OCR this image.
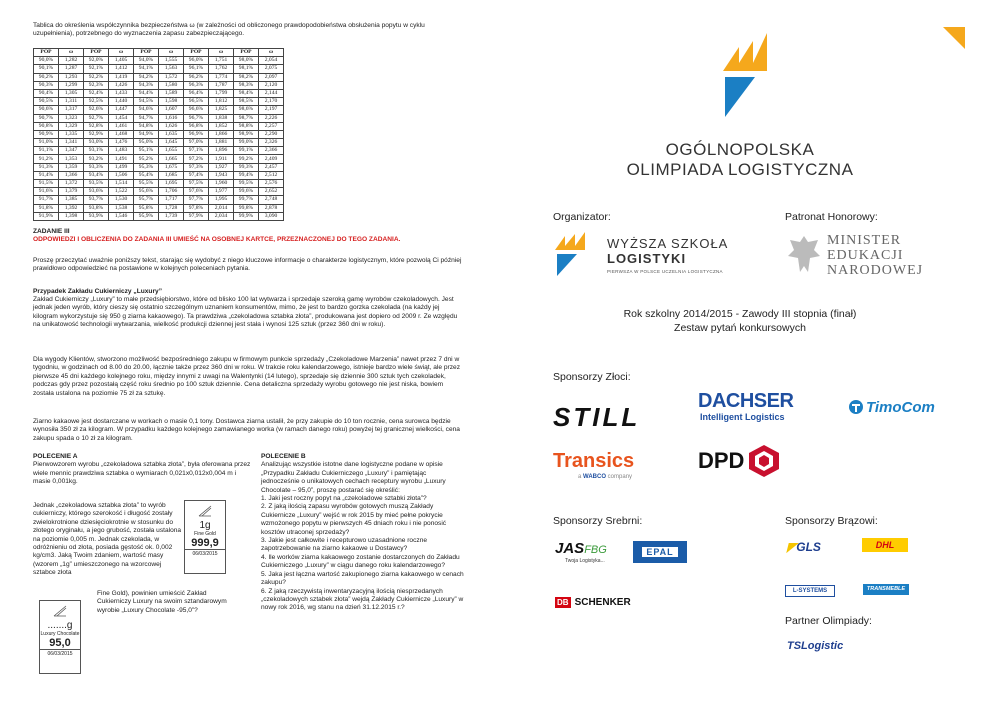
Tablica do określenia współczynnika bezpieczeństwa ω (w zależności od obliczonego prawdopodobieństwa obsłużenia popytu w cyklu uzupełnienia), potrzebnego do wyznaczenia zapasu zabezpieczającego.

POP	ω	POP	ω	POP	ω	POP	ω	POP	ω
90,0%	1,282	92,0%	1,405	94,0%	1,555	96,0%	1,751	98,0%	2,054
90,1%	1,287	92,1%	1,412	94,1%	1,563	96,1%	1,762	98,1%	2,075
90,2%	1,293	92,2%	1,419	94,2%	1,572	96,2%	1,774	98,2%	2,097
90,3%	1,299	92,3%	1,426	94,3%	1,580	96,3%	1,787	98,3%	2,120
90,4%	1,305	92,4%	1,433	94,4%	1,589	96,4%	1,799	98,4%	2,144
90,5%	1,311	92,5%	1,440	94,5%	1,598	96,5%	1,812	98,5%	2,170
90,6%	1,317	92,6%	1,447	94,6%	1,607	96,6%	1,825	98,6%	2,197
90,7%	1,323	92,7%	1,454	94,7%	1,616	96,7%	1,838	98,7%	2,226
90,8%	1,329	92,8%	1,461	94,8%	1,626	96,8%	1,852	98,8%	2,257
90,9%	1,335	92,9%	1,468	94,9%	1,635	96,9%	1,866	98,9%	2,290
91,0%	1,341	93,0%	1,476	95,0%	1,645	97,0%	1,881	99,0%	2,326
91,1%	1,347	93,1%	1,483	95,1%	1,655	97,1%	1,896	99,1%	2,366
91,2%	1,353	93,2%	1,491	95,2%	1,665	97,2%	1,911	99,2%	2,409
91,3%	1,359	93,3%	1,499	95,3%	1,675	97,3%	1,927	99,3%	2,457
91,4%	1,366	93,4%	1,506	95,4%	1,685	97,4%	1,943	99,4%	2,512
91,5%	1,372	93,5%	1,514	95,5%	1,695	97,5%	1,960	99,5%	2,576
91,6%	1,379	93,6%	1,522	95,6%	1,706	97,6%	1,977	99,6%	2,652
91,7%	1,385	93,7%	1,530	95,7%	1,717	97,7%	1,995	99,7%	2,748
91,8%	1,392	93,8%	1,538	95,8%	1,728	97,8%	2,014	99,8%	2,878
91,9%	1,398	93,9%	1,546	95,9%	1,739	97,9%	2,034	99,9%	3,090

ZADANIE III

ODPOWIEDZI I OBLICZENIA DO ZADANIA III UMIEŚĆ NA OSOBNEJ KARTCE, PRZEZNACZONEJ DO TEGO ZADANIA.

Proszę przeczytać uważnie poniższy tekst, starając się wydobyć z niego kluczowe informacje o charakterze logistycznym, które pozwolą Ci później prawidłowo odpowiedzieć na postawione w kolejnych poleceniach pytania.

Przypadek Zakładu Cukierniczy „Luxury”

Zakład Cukierniczy „Luxury” to małe przedsiębiorstwo, które od blisko 100 lat wytwarza i sprzedaje szeroką gamę wyrobów czekoladowych. Jest jednak jeden wyrób, który cieszy się ostatnio szczególnym uznaniem konsumentów, mimo, że jest to bardzo gorzka czekolada (na każdy jej kilogram wykorzystuje się 950 g ziarna kakaowego). Ta prawdziwa „czekoladowa sztabka złota”, produkowana jest dopiero od 2009 r. Ze względu na unikatowość technologii wytwarzania, wielkość produkcji dziennej jest stała i wynosi 125 sztuk (przez 360 dni w roku).

Dla wygody Klientów, stworzono możliwość bezpośredniego zakupu w firmowym punkcie sprzedaży „Czekoladowe Marzenia” nawet przez 7 dni w tygodniu, w godzinach od 8.00 do 20.00, łącznie także przez 360 dni w roku. W trakcie roku kalendarzowego, istnieje bardzo wiele świąt, ale przez pierwsze 45 dni każdego kolejnego roku, między innymi z uwagi na Walentynki (14 lutego), sprzedaje się dziennie 300 sztuk tych czekoladek, podczas gdy przez pozostałą część roku średnio po 100 sztuk dziennie. Cena detaliczna sprzedaży wyrobu gotowego nie jest niska, bowiem została ustalona na poziomie 75 zł za sztukę.

Ziarno kakaowe jest dostarczane w workach o masie 0,1 tony. Dostawca ziarna ustalił, że przy zakupie do 10 ton rocznie, cena surowca będzie wynosiła 350 zł za kilogram. W przypadku każdego kolejnego zamawianego worka (w ramach danego roku) powyżej tej granicznej wielkości, cena zakupu spada o 10 zł za kilogram.

POLECENIE A

Pierwowzorem wyrobu „czekoladowa sztabka złota”, była oferowana przez wiele mennic prawdziwa sztabka o wymiarach 0,021x0,012x0,004 m i masie 0,001kg.

Jednak „czekoladowa sztabka złota” to wyrób cukierniczy, którego szerokość i długość zostały zwielokrotnione dziesięciokrotnie w stosunku do złotego oryginału, a jego grubość, została ustalona na poziomie 0,005 m. Jednak czekolada, w odróżnieniu od złota, posiada gęstość ok. 0,002 kg/cm3. Jaką Twoim zdaniem, wartość masy (wzorem „1g” umieszczonego na wzorcowej sztabce złota

Fine Gold), powinien umieścić Zakład Cukierniczy Luxury na swoim sztandarowym wyrobie „Luxury Chocolate -95,0”?

1g
Fine Gold
999,9
06/03/2015
.......g
Luxury Chocolate
95,0
06/03/2015

POLECENIE B

Analizując wszystkie istotne dane logistyczne podane w opisie „Przypadku Zakładu Cukierniczego „Luxury” i pamiętając jednocześnie o unikatowych cechach receptury wyrobu „Luxury Chocolate – 95,0”, proszę postarać się określić:

1. Jaki jest roczny popyt na „czekoladowe sztabki złota”?

2. Z jaką ilością zapasu wyrobów gotowych muszą Zakłady Cukiernicze „Luxury” wejść w rok 2015 by mieć pełne pokrycie wzmożonego popytu w pierwszych 45 dniach roku i nie ponosić kosztów utraconej sprzedaży?

3. Jakie jest całkowite i recepturowo uzasadnione roczne zapotrzebowanie na ziarno kakaowe u Dostawcy?

4. Ile worków ziarna kakaowego zostanie dostarczonych do Zakładu Cukierniczego „Luxury” w ciągu danego roku kalendarzowego?

5. Jaka jest łączna wartość zakupionego ziarna kakaowego w cenach zakupu?

6. Z jaką rzeczywistą inwentaryzacyjną ilością niesprzedanych „czekoladowych sztabek złota” wejdą Zakłady Cukiernicze „Luxury” w nowy rok 2016, wg stanu na dzień 31.12.2015 r.?

OGÓLNOPOLSKA
OLIMPIADA LOGISTYCZNA
Organizator:
WYŻSZA SZKOŁA
LOGISTYKI
PIERWSZA W POLSCE UCZELNIA LOGISTYCZNA
Patronat Honorowy:
MINISTER
EDUKACJI
NARODOWEJ
Rok szkolny 2014/2015 - Zawody III stopnia (finał)
Zestaw pytań konkursowych
Sponsorzy Złoci:
STILL
DACHSER
Intelligent Logistics
TimoCom
Transics
a WABCO company
DPD
Sponsorzy Srebrni:	Sponsorzy Brązowi:
JASFBG
Twoja Logistyka...
EPAL
DB SCHENKER
◤GLS	DHL
L-SYSTEMS	TRANSMEBLE
Partner Olimpiady:
TSLogistic
